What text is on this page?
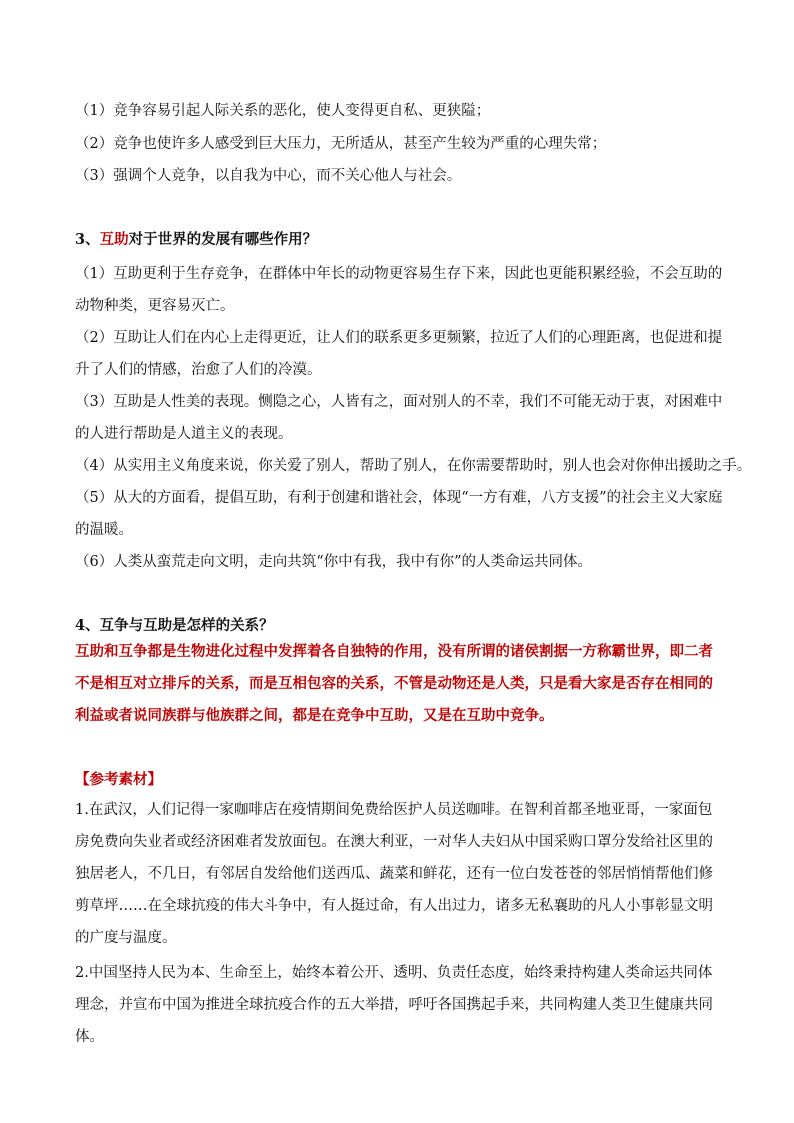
（1）竞争容易引起人际关系的恶化，使人变得更自私、更狭隘；

（2）竞争也使许多人感受到巨大压力，无所适从，甚至产生较为严重的心理失常；

（3）强调个人竞争，以自我为中心，而不关心他人与社会。

3、互助对于世界的发展有哪些作用？

（1）互助更利于生存竞争，在群体中年长的动物更容易生存下来，因此也更能积累经验，不会互助的动物种类，更容易灭亡。

（2）互助让人们在内心上走得更近，让人们的联系更多更频繁，拉近了人们的心理距离，也促进和提升了人们的情感，治愈了人们的冷漠。

（3）互助是人性美的表现。恻隐之心，人皆有之，面对别人的不幸，我们不可能无动于衷，对困难中的人进行帮助是人道主义的表现。

（4）从实用主义角度来说，你关爱了别人，帮助了别人，在你需要帮助时，别人也会对你伸出援助之手。

（5）从大的方面看，提倡互助，有利于创建和谐社会，体现“一方有难，八方支援”的社会主义大家庭的温暖。

（6）人类从蛮荒走向文明，走向共筑“你中有我，我中有你”的人类命运共同体。

4、互争与互助是怎样的关系？

互助和互争都是生物进化过程中发挥着各自独特的作用，没有所谓的诸侯割据一方称霸世界，即二者不是相互对立排斥的关系，而是互相包容的关系，不管是动物还是人类，只是看大家是否存在相同的利益或者说同族群与他族群之间，都是在竞争中互助，又是在互助中竞争。

【参考素材】

1.在武汉，人们记得一家咖啡店在疫情期间免费给医护人员送咖啡。在智利首都圣地亚哥，一家面包房免费向失业者或经济困难者发放面包。在澳大利亚，一对华人夫妇从中国采购口罩分发给社区里的独居老人，不几日，有邻居自发给他们送西瓜、蔬菜和鲜花，还有一位白发苍苍的邻居悄悄帮他们修剪草坪……在全球抗疫的伟大斗争中，有人挺过命，有人出过力，诸多无私襄助的凡人小事彰显文明的广度与温度。

2.中国坚持人民为本、生命至上，始终本着公开、透明、负责任态度，始终秉持构建人类命运共同体理念，并宣布中国为推进全球抗疫合作的五大举措，呼吁各国携起手来，共同构建人类卫生健康共同体。
